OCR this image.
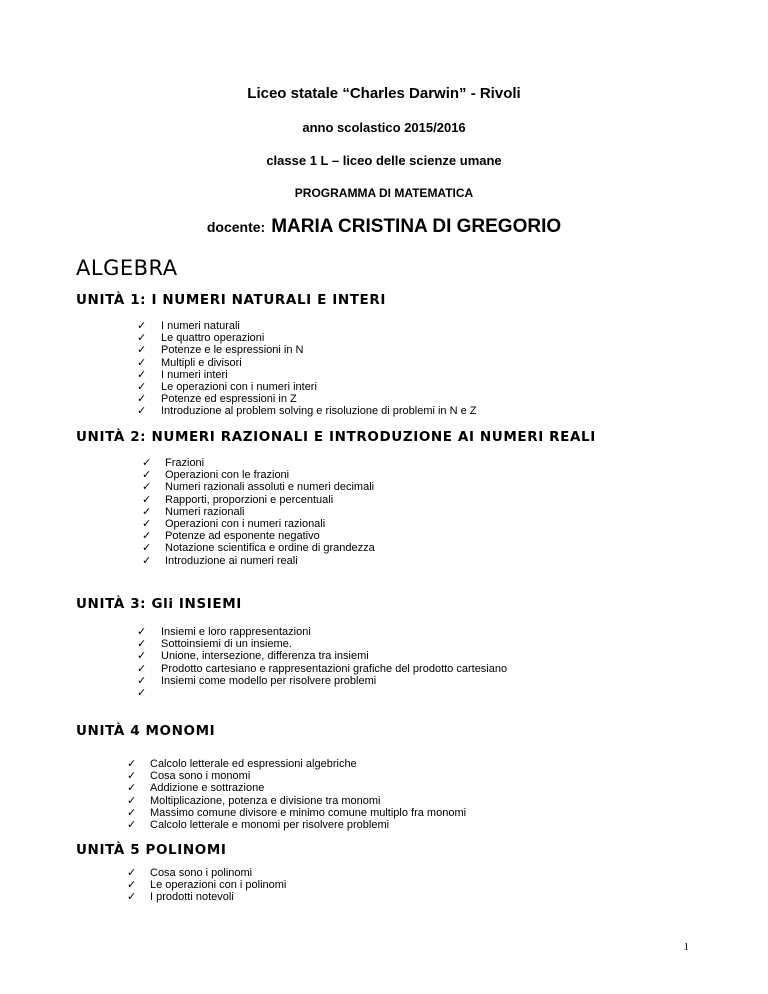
Liceo statale “Charles Darwin” - Rivoli
anno scolastico 2015/2016
classe 1 L – liceo delle scienze umane
PROGRAMMA DI MATEMATICA
docente: MARIA CRISTINA DI GREGORIO
ALGEBRA
UNITÀ 1: I NUMERI NATURALI E INTERI
✓ I numeri naturali
✓ Le quattro operazioni
✓ Potenze e le espressioni in N
✓ Multipli e divisori
✓ I numeri interi
✓ Le operazioni con i numeri interi
✓ Potenze ed espressioni in Z
✓ Introduzione al problem solving e risoluzione di problemi in N e Z
UNITÀ 2: NUMERI RAZIONALI E INTRODUZIONE AI NUMERI REALI
✓ Frazioni
✓ Operazioni con le frazioni
✓ Numeri razionali assoluti e numeri decimali
✓ Rapporti, proporzioni e percentuali
✓ Numeri razionali
✓ Operazioni con i numeri razionali
✓ Potenze ad esponente negativo
✓ Notazione scientifica e ordine di grandezza
✓ Introduzione ai numeri reali
UNITÀ 3: Gli INSIEMI
✓ Insiemi e loro rappresentazioni
✓ Sottoinsiemi di un insieme.
✓ Unione, intersezione, differenza tra insiemi
✓ Prodotto cartesiano e rappresentazioni grafiche del prodotto cartesiano
✓ Insiemi come modello per risolvere problemi
✓
UNITÀ 4 MONOMI
✓ Calcolo letterale ed espressioni algebriche
✓ Cosa sono i monomi
✓ Addizione e sottrazione
✓ Moltiplicazione, potenza e divisione tra monomi
✓ Massimo comune divisore e minimo comune multiplo fra monomi
✓ Calcolo letterale e monomi per risolvere problemi
UNITÀ 5 POLINOMI
✓ Cosa sono i polinomi
✓ Le operazioni con i polinomi
✓ I prodotti notevoli
1
